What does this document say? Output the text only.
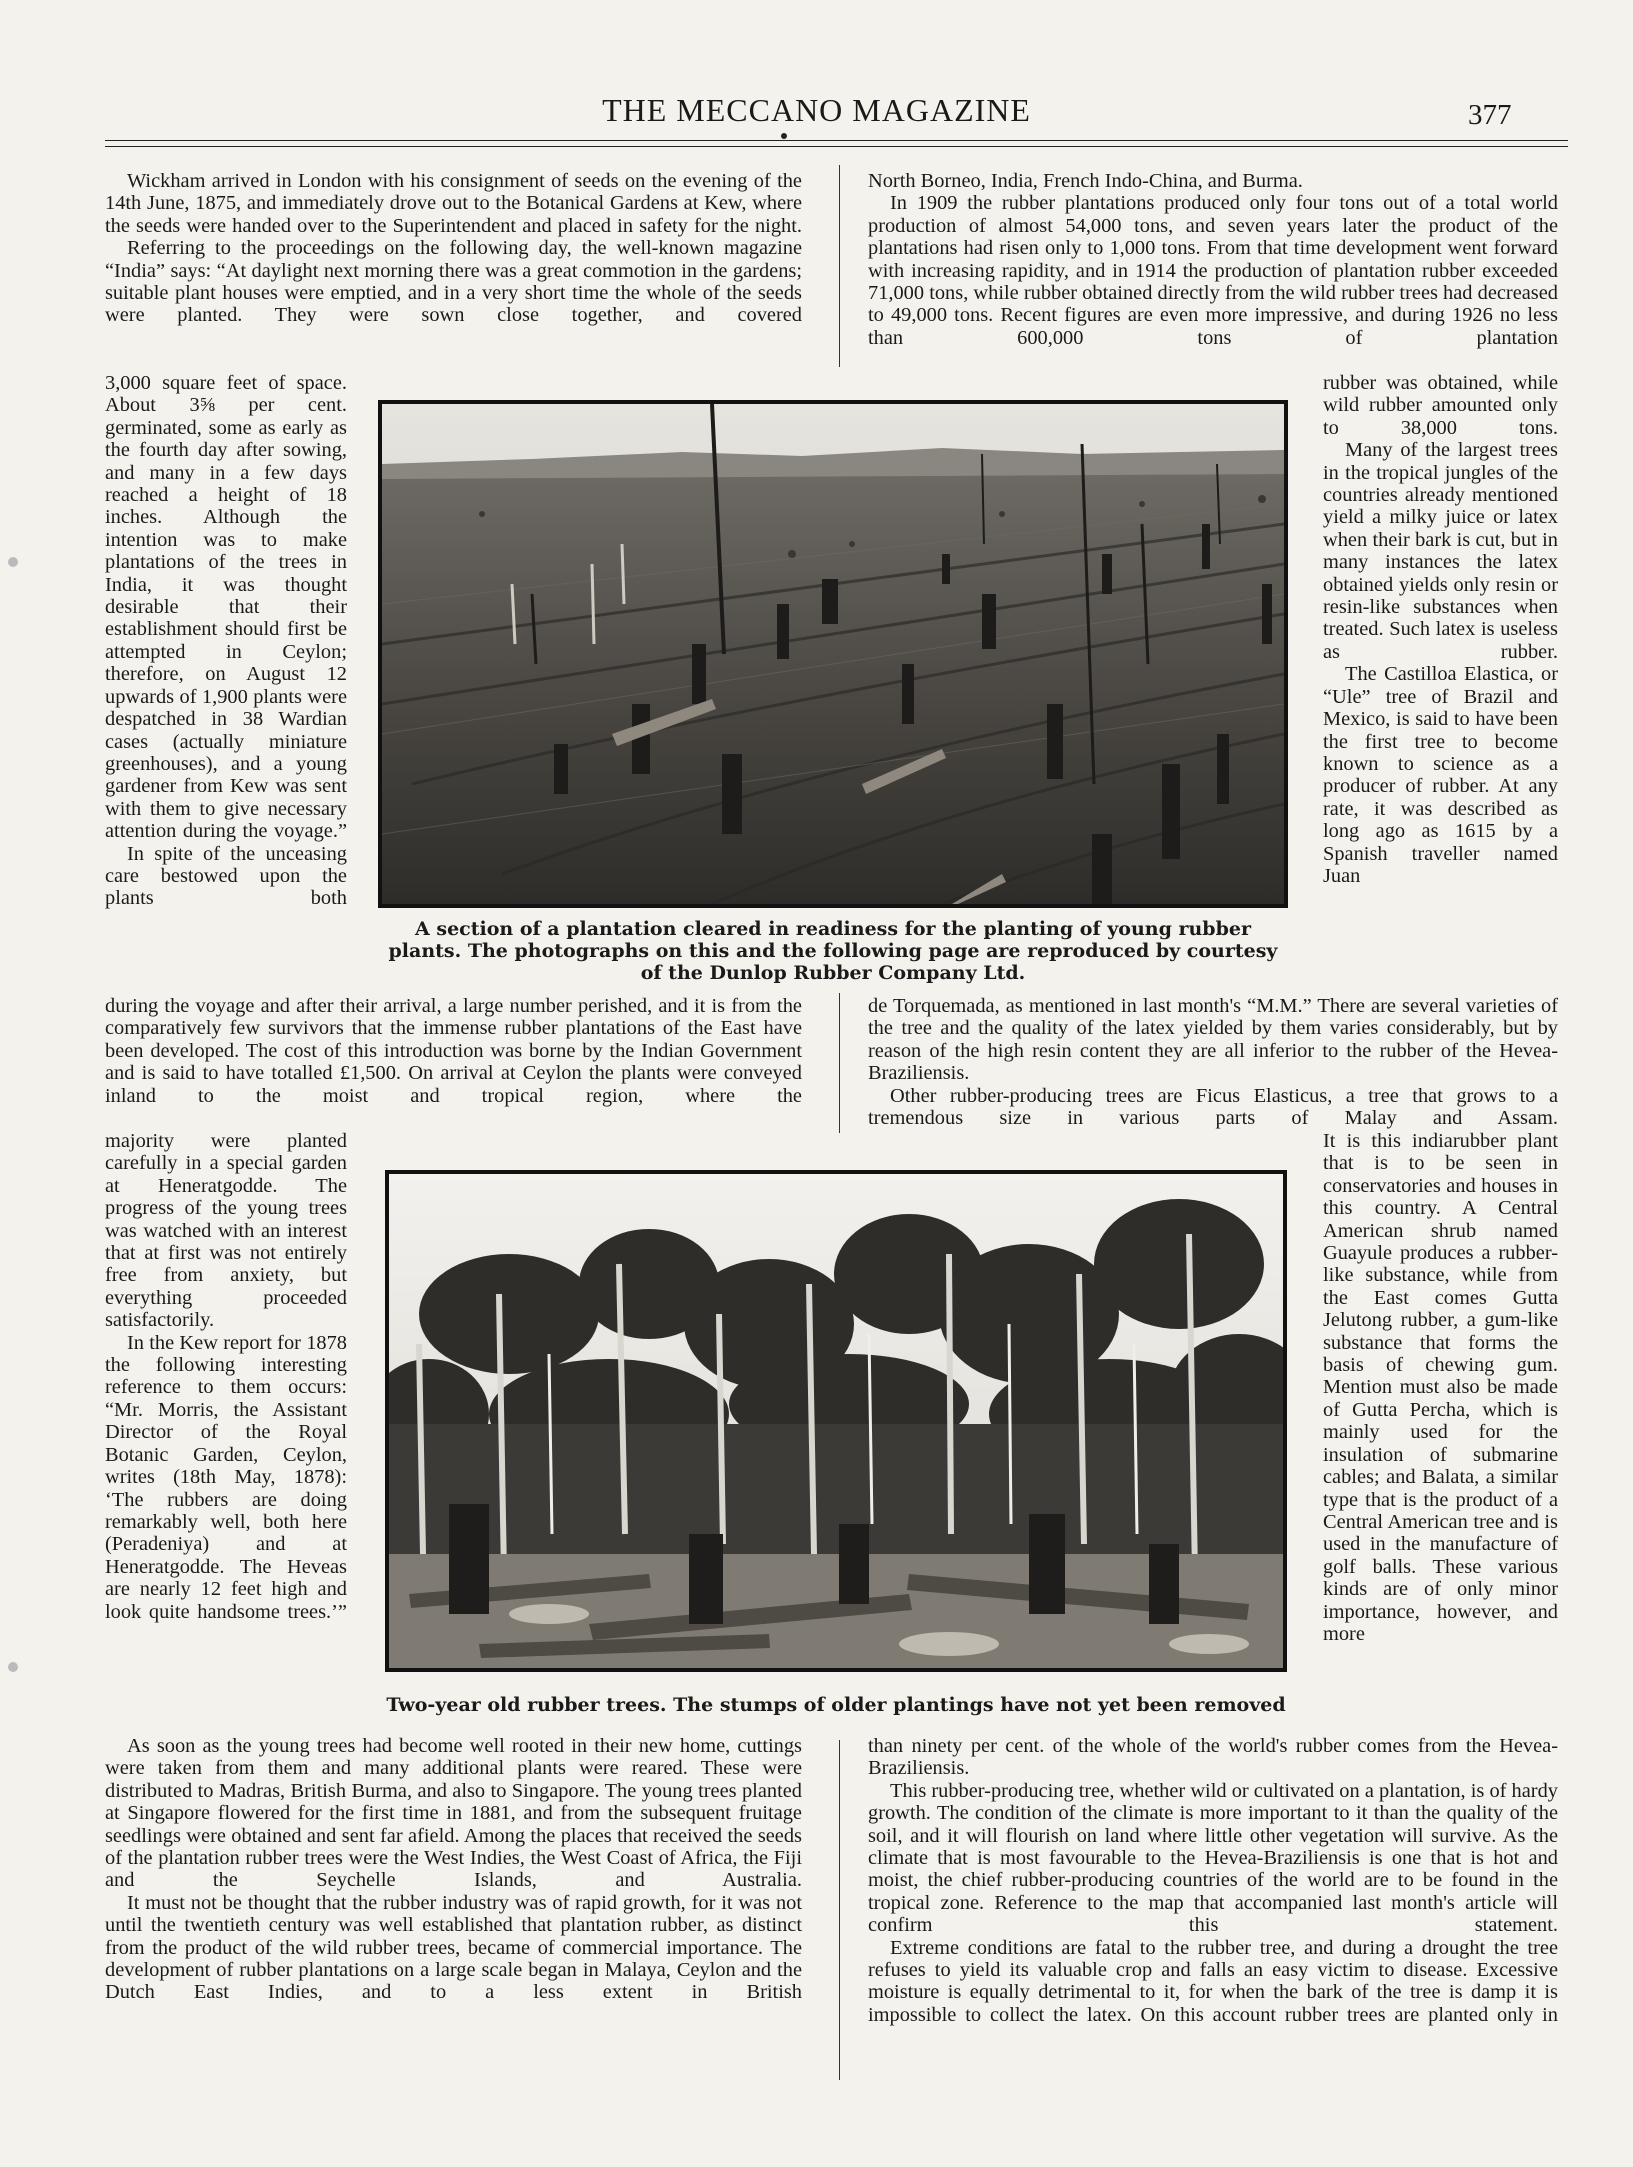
THE MECCANO MAGAZINE	377

Wickham arrived in London with his consignment of seeds on the evening of the 14th June, 1875, and immediately drove out to the Botanical Gardens at Kew, where the seeds were handed over to the Superintendent and placed in safety for the night.

Referring to the proceedings on the following day, the well-known magazine “India” says: “At daylight next morning there was a great commotion in the gardens; suitable plant houses were emptied, and in a very short time the whole of the seeds were planted. They were sown close together, and covered

3,000 square feet of space. About 3⅝ per cent. germinated, some as early as the fourth day after sowing, and many in a few days reached a height of 18 inches. Although the intention was to make plantations of the trees in India, it was thought desirable that their establishment should first be attempted in Ceylon; therefore, on August 12 upwards of 1,900 plants were despatched in 38 Wardian cases (actually miniature greenhouses), and a young gardener from Kew was sent with them to give necessary attention during the voyage.”

In spite of the unceasing care bestowed upon the plants both

during the voyage and after their arrival, a large number perished, and it is from the comparatively few survivors that the immense rubber plantations of the East have been developed. The cost of this introduction was borne by the Indian Government and is said to have totalled £1,500. On arrival at Ceylon the plants were conveyed inland to the moist and tropical region, where the

majority were planted carefully in a special garden at Heneratgodde. The progress of the young trees was watched with an interest that at first was not entirely free from anxiety, but everything proceeded satisfactorily.

In the Kew report for 1878 the following interesting reference to them occurs: “Mr. Morris, the Assistant Director of the Royal Botanic Garden, Ceylon, writes (18th May, 1878): ‘The rubbers are doing remarkably well, both here (Peradeniya) and at Heneratgodde. The Heveas are nearly 12 feet high and look quite handsome trees.’”

As soon as the young trees had become well rooted in their new home, cuttings were taken from them and many additional plants were reared. These were distributed to Madras, British Burma, and also to Singapore. The young trees planted at Singapore flowered for the first time in 1881, and from the subsequent fruitage seedlings were obtained and sent far afield. Among the places that received the seeds of the plantation rubber trees were the West Indies, the West Coast of Africa, the Fiji and the Seychelle Islands, and Australia.

It must not be thought that the rubber industry was of rapid growth, for it was not until the twentieth century was well established that plantation rubber, as distinct from the product of the wild rubber trees, became of commercial importance. The development of rubber plantations on a large scale began in Malaya, Ceylon and the Dutch East Indies, and to a less extent in British

North Borneo, India, French Indo-China, and Burma.

In 1909 the rubber plantations produced only four tons out of a total world production of almost 54,000 tons, and seven years later the product of the plantations had risen only to 1,000 tons. From that time development went forward with increasing rapidity, and in 1914 the production of plantation rubber exceeded 71,000 tons, while rubber obtained directly from the wild rubber trees had decreased to 49,000 tons. Recent figures are even more impressive, and during 1926 no less than 600,000 tons of plantation

rubber was obtained, while wild rubber amounted only to 38,000 tons.

Many of the largest trees in the tropical jungles of the countries already mentioned yield a milky juice or latex when their bark is cut, but in many instances the latex obtained yields only resin or resin-like substances when treated. Such latex is useless as rubber.

The Castilloa Elastica, or “Ule” tree of Brazil and Mexico, is said to have been the first tree to become known to science as a producer of rubber. At any rate, it was described as long ago as 1615 by a Spanish traveller named Juan

de Torquemada, as mentioned in last month's “M.M.” There are several varieties of the tree and the quality of the latex yielded by them varies considerably, but by reason of the high resin content they are all inferior to the rubber of the Hevea-Braziliensis.

Other rubber-producing trees are Ficus Elasticus, a tree that grows to a tremendous size in various parts of Malay and Assam.

It is this indiarubber plant that is to be seen in conservatories and houses in this country. A Central American shrub named Guayule produces a rubber-like substance, while from the East comes Gutta Jelutong rubber, a gum-like substance that forms the basis of chewing gum. Mention must also be made of Gutta Percha, which is mainly used for the insulation of submarine cables; and Balata, a similar type that is the product of a Central American tree and is used in the manufacture of golf balls. These various kinds are of only minor importance, however, and more

than ninety per cent. of the whole of the world's rubber comes from the Hevea-Braziliensis.

This rubber-producing tree, whether wild or cultivated on a plantation, is of hardy growth. The condition of the climate is more important to it than the quality of the soil, and it will flourish on land where little other vegetation will survive. As the climate that is most favourable to the Hevea-Braziliensis is one that is hot and moist, the chief rubber-producing countries of the world are to be found in the tropical zone. Reference to the map that accompanied last month's article will confirm this statement.

Extreme conditions are fatal to the rubber tree, and during a drought the tree refuses to yield its valuable crop and falls an easy victim to disease. Excessive moisture is equally detrimental to it, for when the bark of the tree is damp it is impossible to collect the latex. On this account rubber trees are planted only in

A section of a plantation cleared in readiness for the planting of young rubber plants. The photographs on this and the following page are reproduced by courtesy of the Dunlop Rubber Company Ltd.
Two-year old rubber trees. The stumps of older plantings have not yet been removed
